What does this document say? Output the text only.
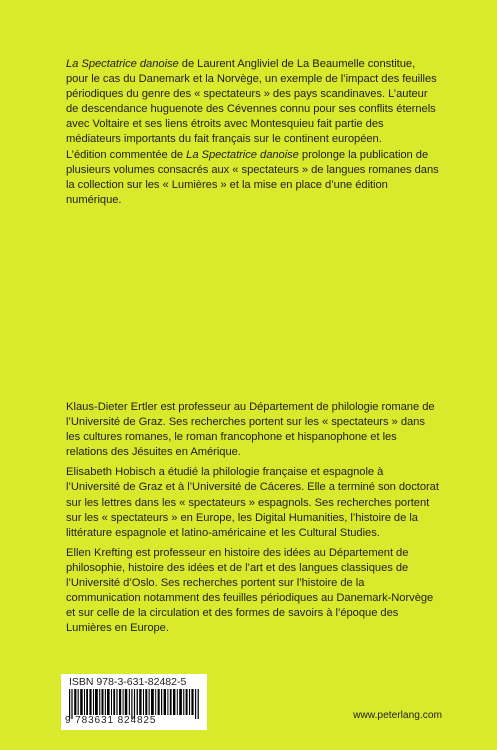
La Spectatrice danoise de Laurent Angliviel de La Beaumelle constitue, pour le cas du Danemark et la Norvège, un exemple de l’impact des feuilles périodiques du genre des « spectateurs » des pays scandinaves. L’auteur de descendance huguenote des Cévennes connu pour ses conflits éternels avec Voltaire et ses liens étroits avec Montesquieu fait partie des médiateurs importants du fait français sur le continent européen.

L’édition commentée de La Spectatrice danoise prolonge la publication de plusieurs volumes consacrés aux « spectateurs » de langues romanes dans la collection sur les « Lumières » et la mise en place d’une édition numérique.

Klaus-Dieter Ertler est professeur au Département de philologie romane de l’Université de Graz. Ses recherches portent sur les « spectateurs » dans les cultures romanes, le roman francophone et hispanophone et les relations des Jésuites en Amérique.

Elisabeth Hobisch a étudié la philologie française et espagnole à l’Université de Graz et à l’Université de Cáceres. Elle a terminé son doctorat sur les lettres dans les « spectateurs » espagnols. Ses recherches portent sur les « spectateurs » en Europe, les Digital Humanities, l’histoire de la littérature espagnole et latino-américaine et les Cultural Studies.

Ellen Krefting est professeur en histoire des idées au Département de philosophie, histoire des idées et de l’art et des langues classiques de l’Université d’Oslo. Ses recherches portent sur l’histoire de la communication notamment des feuilles périodiques au Danemark-Norvège et sur celle de la circulation et des formes de savoirs à l’époque des Lumières en Europe.

ISBN 978-3-631-82482-5
9 783631 824825	www.peterlang.com
